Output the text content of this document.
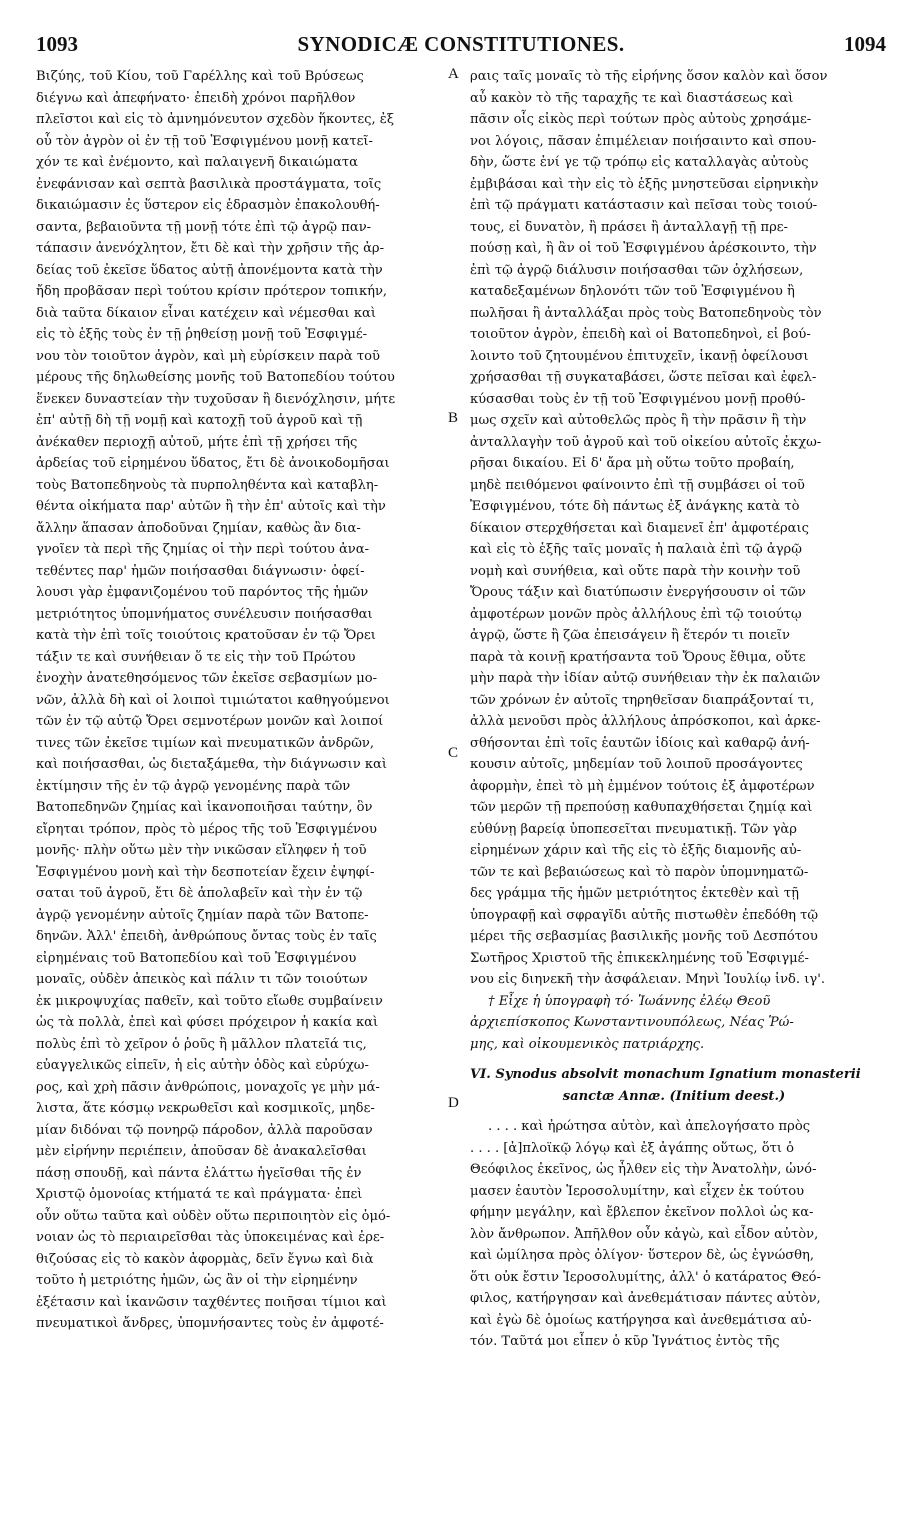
1093	SYNODICÆ CONSTITUTIONES.	1094
A
B
C
D
Βιζύης, τοῦ Κίου, τοῦ Γαρέλλης καὶ τοῦ Βρύσεως
διέγνω καὶ ἀπεφήνατο· ἐπειδὴ χρόνοι παρῆλθον
πλεῖστοι καὶ εἰς τὸ ἀμνημόνευτον σχεδὸν ἥκοντες, ἐξ
οὗ τὸν ἀγρὸν οἱ ἐν τῇ τοῦ Ἐσφιγμένου μονῇ κατεῖ-
χόν τε καὶ ἐνέμοντο, καὶ παλαιγενῆ δικαιώματα
ἐνεφάνισαν καὶ σεπτὰ βασιλικὰ προστάγματα, τοῖς
δικαιώμασιν ἐς ὕστερον εἰς ἑδρασμὸν ἐπακολουθή-
σαντα, βεβαιοῦντα τῇ μονῇ τότε ἐπὶ τῷ ἀγρῷ παν-
τάπασιν ἀνενόχλητον, ἔτι δὲ καὶ τὴν χρῆσιν τῆς ἀρ-
δείας τοῦ ἐκεῖσε ὕδατος αὐτῇ ἀπονέμοντα κατὰ τὴν
ἤδη προβᾶσαν περὶ τούτου κρίσιν πρότερον τοπικήν,
διὰ ταῦτα δίκαιον εἶναι κατέχειν καὶ νέμεσθαι καὶ
εἰς τὸ ἑξῆς τοὺς ἐν τῇ ῥηθείσῃ μονῇ τοῦ Ἐσφιγμέ-
νου τὸν τοιοῦτον ἀγρὸν, καὶ μὴ εὑρίσκειν παρὰ τοῦ
μέρους τῆς δηλωθείσης μονῆς τοῦ Βατοπεδίου τούτου
ἕνεκεν δυναστείαν τὴν τυχοῦσαν ἢ διενόχλησιν, μήτε
ἐπ' αὐτῇ δὴ τῇ νομῇ καὶ κατοχῇ τοῦ ἀγροῦ καὶ τῇ
ἀνέκαθεν περιοχῇ αὐτοῦ, μήτε ἐπὶ τῇ χρήσει τῆς
ἀρδείας τοῦ εἰρημένου ὕδατος, ἔτι δὲ ἀνοικοδομῆσαι
τοὺς Βατοπεδηνοὺς τὰ πυρποληθέντα καὶ καταβλη-
θέντα οἰκήματα παρ' αὐτῶν ἢ τὴν ἐπ' αὐτοῖς καὶ τὴν
ἄλλην ἅπασαν ἀποδοῦναι ζημίαν, καθὼς ἂν δια-
γνοῖεν τὰ περὶ τῆς ζημίας οἱ τὴν περὶ τούτου ἀνα-
τεθέντες παρ' ἡμῶν ποιήσασθαι διάγνωσιν· ὀφεί-
λουσι γὰρ ἐμφανιζομένου τοῦ παρόντος τῆς ἡμῶν
μετριότητος ὑπομνήματος συνέλευσιν ποιήσασθαι
κατὰ τὴν ἐπὶ τοῖς τοιούτοις κρατοῦσαν ἐν τῷ Ὄρει
τάξιν τε καὶ συνήθειαν ὅ τε εἰς τὴν τοῦ Πρώτου
ἐνοχὴν ἀνατεθησόμενος τῶν ἐκεῖσε σεβασμίων μο-
νῶν, ἀλλὰ δὴ καὶ οἱ λοιποὶ τιμιώτατοι καθηγούμενοι
τῶν ἐν τῷ αὐτῷ Ὄρει σεμνοτέρων μονῶν καὶ λοιποί
τινες τῶν ἐκεῖσε τιμίων καὶ πνευματικῶν ἀνδρῶν,
καὶ ποιήσασθαι, ὡς διεταξάμεθα, τὴν διάγνωσιν καὶ
ἐκτίμησιν τῆς ἐν τῷ ἀγρῷ γενομένης παρὰ τῶν
Βατοπεδηνῶν ζημίας καὶ ἱκανοποιῆσαι ταύτην, ὃν
εἴρηται τρόπον, πρὸς τὸ μέρος τῆς τοῦ Ἐσφιγμένου
μονῆς· πλὴν οὕτω μὲν τὴν νικῶσαν εἴληφεν ἡ τοῦ
Ἐσφιγμένου μονὴ καὶ τὴν δεσποτείαν ἔχειν ἐψηφί-
σαται τοῦ ἀγροῦ, ἔτι δὲ ἀπολαβεῖν καὶ τὴν ἐν τῷ
ἀγρῷ γενομένην αὐτοῖς ζημίαν παρὰ τῶν Βατοπε-
δηνῶν. Ἀλλ' ἐπειδὴ, ἀνθρώπους ὄντας τοὺς ἐν ταῖς
εἰρημέναις τοῦ Βατοπεδίου καὶ τοῦ Ἐσφιγμένου
μοναῖς, οὐδὲν ἀπεικὸς καὶ πάλιν τι τῶν τοιούτων
ἐκ μικροψυχίας παθεῖν, καὶ τοῦτο εἴωθε συμβαίνειν
ὡς τὰ πολλὰ, ἐπεὶ καὶ φύσει πρόχειρον ἡ κακία καὶ
πολὺς ἐπὶ τὸ χεῖρον ὁ ῥοῦς ἢ μᾶλλον πλατεῖά τις,
εὐαγγελικῶς εἰπεῖν, ἡ εἰς αὐτὴν ὁδὸς καὶ εὐρύχω-
ρος, καὶ χρὴ πᾶσιν ἀνθρώποις, μοναχοῖς γε μὴν μά-
λιστα, ἅτε κόσμῳ νεκρωθεῖσι καὶ κοσμικοῖς, μηδε-
μίαν διδόναι τῷ πονηρῷ πάροδον, ἀλλὰ παροῦσαν
μὲν εἰρήνην περιέπειν, ἀποῦσαν δὲ ἀνακαλεῖσθαι
πάσῃ σπουδῇ, καὶ πάντα ἐλάττω ἡγεῖσθαι τῆς ἐν
Χριστῷ ὁμονοίας κτήματά τε καὶ πράγματα· ἐπεὶ
οὖν οὕτω ταῦτα καὶ οὐδὲν οὕτω περιποιητὸν εἰς ὁμό-
νοιαν ὡς τὸ περιαιρεῖσθαι τὰς ὑποκειμένας καὶ ἐρε-
θιζούσας εἰς τὸ κακὸν ἀφορμὰς, δεῖν ἔγνω καὶ διὰ
τοῦτο ἡ μετριότης ἡμῶν, ὡς ἂν οἱ τὴν εἰρημένην
ἐξέτασιν καὶ ἱκανῶσιν ταχθέντες ποιῆσαι τίμιοι καὶ
πνευματικοὶ ἄνδρες, ὑπομνήσαντες τοὺς ἐν ἀμφοτέ-
ραις ταῖς μοναῖς τὸ τῆς εἰρήνης ὅσον καλὸν καὶ ὅσον
αὖ κακὸν τὸ τῆς ταραχῆς τε καὶ διαστάσεως καὶ
πᾶσιν οἷς εἰκὸς περὶ τούτων πρὸς αὐτοὺς χρησάμε-
νοι λόγοις, πᾶσαν ἐπιμέλειαν ποιήσαιντο καὶ σπου-
δὴν, ὥστε ἑνί γε τῷ τρόπῳ εἰς καταλλαγὰς αὐτοὺς
ἐμβιβάσαι καὶ τὴν εἰς τὸ ἑξῆς μνηστεῦσαι εἰρηνικὴν
ἐπὶ τῷ πράγματι κατάστασιν καὶ πεῖσαι τοὺς τοιού-
τους, εἰ δυνατὸν, ἢ πράσει ἢ ἀνταλλαγῇ τῇ πρε-
πούσῃ καὶ, ἢ ἂν οἱ τοῦ Ἐσφιγμένου ἀρέσκοιντο, τὴν
ἐπὶ τῷ ἀγρῷ διάλυσιν ποιήσασθαι τῶν ὀχλήσεων,
καταδεξαμένων δηλονότι τῶν τοῦ Ἐσφιγμένου ἢ
πωλῆσαι ἢ ἀνταλλάξαι πρὸς τοὺς Βατοπεδηνοὺς τὸν
τοιοῦτον ἀγρὸν, ἐπειδὴ καὶ οἱ Βατοπεδηνοὶ, εἰ βού-
λοιντο τοῦ ζητουμένου ἐπιτυχεῖν, ἱκανῇ ὀφείλουσι
χρήσασθαι τῇ συγκαταβάσει, ὥστε πεῖσαι καὶ ἐφελ-
κύσασθαι τοὺς ἐν τῇ τοῦ Ἐσφιγμένου μονῇ προθύ-
μως σχεῖν καὶ αὐτοθελῶς πρὸς ἢ τὴν πρᾶσιν ἢ τὴν
ἀνταλλαγὴν τοῦ ἀγροῦ καὶ τοῦ οἰκείου αὐτοῖς ἐκχω-
ρῆσαι δικαίου. Εἰ δ' ἄρα μὴ οὕτω τοῦτο προβαίη,
μηδὲ πειθόμενοι φαίνοιντο ἐπὶ τῇ συμβάσει οἱ τοῦ
Ἐσφιγμένου, τότε δὴ πάντως ἐξ ἀνάγκης κατὰ τὸ
δίκαιον στερχθήσεται καὶ διαμενεῖ ἐπ' ἀμφοτέραις
καὶ εἰς τὸ ἑξῆς ταῖς μοναῖς ἡ παλαιὰ ἐπὶ τῷ ἀγρῷ
νομὴ καὶ συνήθεια, καὶ οὔτε παρὰ τὴν κοινὴν τοῦ
Ὄρους τάξιν καὶ διατύπωσιν ἐνεργήσουσιν οἱ τῶν
ἀμφοτέρων μονῶν πρὸς ἀλλήλους ἐπὶ τῷ τοιούτῳ
ἀγρῷ, ὥστε ἢ ζῶα ἐπεισάγειν ἢ ἕτερόν τι ποιεῖν
παρὰ τὰ κοινῇ κρατήσαντα τοῦ Ὄρους ἔθιμα, οὔτε
μὴν παρὰ τὴν ἰδίαν αὐτῷ συνήθειαν τὴν ἐκ παλαιῶν
τῶν χρόνων ἐν αὐτοῖς τηρηθεῖσαν διαπράξονταί τι,
ἀλλὰ μενοῦσι πρὸς ἀλλήλους ἀπρόσκοποι, καὶ ἀρκε-
σθήσονται ἐπὶ τοῖς ἑαυτῶν ἰδίοις καὶ καθαρῷ ἀνή-
κουσιν αὐτοῖς, μηδεμίαν τοῦ λοιποῦ προσάγοντες
ἀφορμὴν, ἐπεὶ τὸ μὴ ἐμμένον τούτοις ἐξ ἀμφοτέρων
τῶν μερῶν τῇ πρεπούσῃ καθυπαχθήσεται ζημίᾳ καὶ
εὐθύνῃ βαρείᾳ ὑποπεσεῖται πνευματικῇ. Τῶν γὰρ
εἰρημένων χάριν καὶ τῆς εἰς τὸ ἑξῆς διαμονῆς αὐ-
τῶν τε καὶ βεβαιώσεως καὶ τὸ παρὸν ὑπομνηματῶ-
δες γράμμα τῆς ἡμῶν μετριότητος ἐκτεθὲν καὶ τῇ
ὑπογραφῇ καὶ σφραγῖδι αὐτῆς πιστωθὲν ἐπεδόθη τῷ
μέρει τῆς σεβασμίας βασιλικῆς μονῆς τοῦ Δεσπότου
Σωτῆρος Χριστοῦ τῆς ἐπικεκλημένης τοῦ Ἐσφιγμέ-
νου εἰς διηνεκῆ τὴν ἀσφάλειαν. Μηνὶ Ἰουλίῳ ἰνδ. ιγ'.
† Εἶχε ἡ ὑπογραφὴ τό· Ἰωάννης ἐλέῳ Θεοῦ
ἀρχιεπίσκοπος Κωνσταντινουπόλεως, Νέας Ῥώ-
μης, καὶ οἰκουμενικὸς πατριάρχης.
VI. Synodus absolvit monachum Ignatium monasterii
sanctæ Annæ. (Initium deest.)
. . . . καὶ ἠρώτησα αὐτὸν, καὶ ἀπελογήσατο πρὸς
. . . . [ἀ]πλοϊκῷ λόγῳ καὶ ἐξ ἀγάπης οὕτως, ὅτι ὁ
Θεόφιλος ἐκεῖνος, ὡς ἦλθεν εἰς τὴν Ἀνατολὴν, ὠνό-
μασεν ἑαυτὸν Ἱεροσολυμίτην, καὶ εἶχεν ἐκ τούτου
φήμην μεγάλην, καὶ ἔβλεπον ἐκεῖνον πολλοὶ ὡς κα-
λὸν ἄνθρωπον. Ἀπῆλθον οὖν κἀγὼ, καὶ εἶδον αὐτὸν,
καὶ ὡμίλησα πρὸς ὀλίγον· ὕστερον δὲ, ὡς ἐγνώσθη,
ὅτι οὐκ ἔστιν Ἱεροσολυμίτης, ἀλλ' ὁ κατάρατος Θεό-
φιλος, κατήργησαν καὶ ἀνεθεμάτισαν πάντες αὐτὸν,
καὶ ἐγὼ δὲ ὁμοίως κατήργησα καὶ ἀνεθεμάτισα αὐ-
τόν. Ταῦτά μοι εἶπεν ὁ κῦρ Ἰγνάτιος ἐντὸς τῆς
